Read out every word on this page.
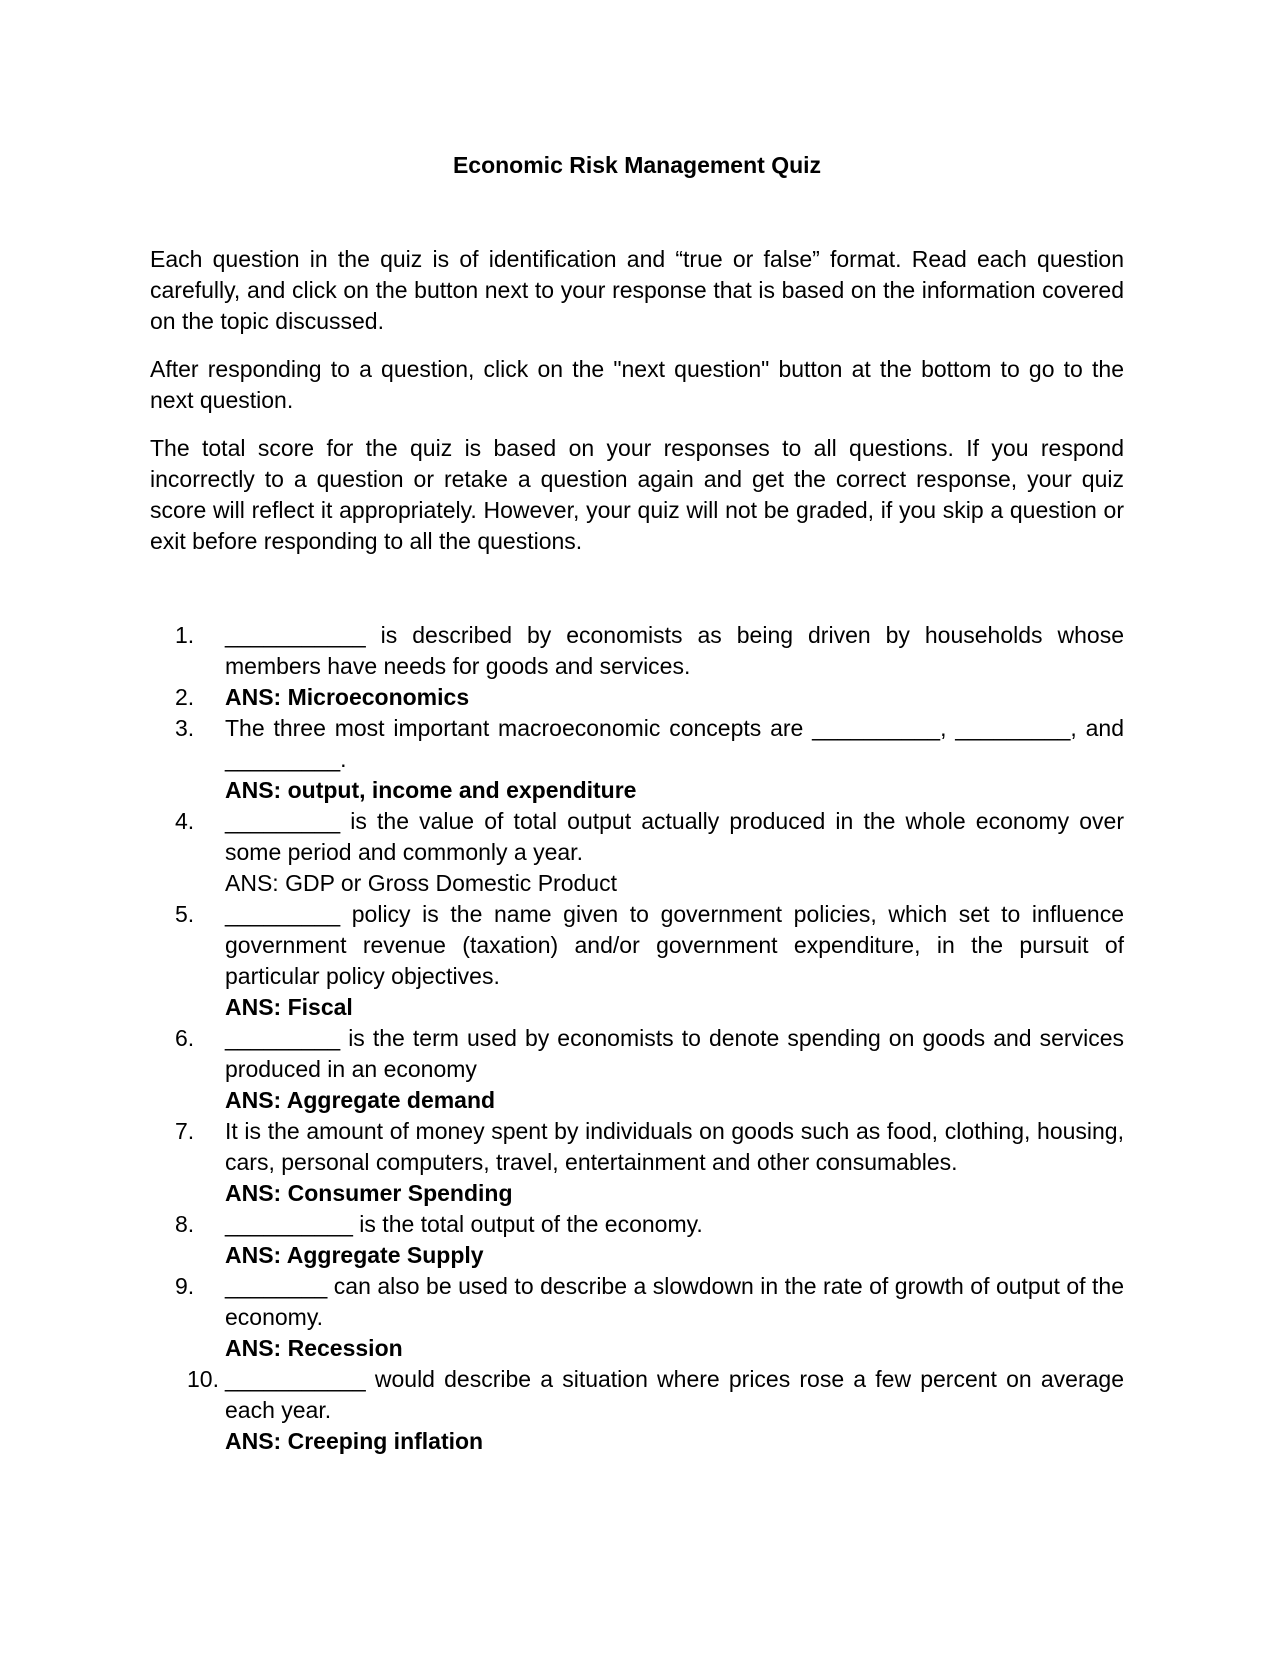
Economic Risk Management Quiz

Each question in the quiz is of identification and “true or false” format. Read each question carefully, and click on the button next to your response that is based on the information covered on the topic discussed.

After responding to a question, click on the "next question" button at the bottom to go to the next question.

The total score for the quiz is based on your responses to all questions. If you respond incorrectly to a question or retake a question again and get the correct response, your quiz score will reflect it appropriately. However, your quiz will not be graded, if you skip a question or exit before responding to all the questions.

1.	___________ is described by economists as being driven by households whose members have needs for goods and services.
2.	ANS: Microeconomics
3.	The three most important macroeconomic concepts are __________, _________, and _________.
ANS: output, income and expenditure
4.	_________ is the value of total output actually produced in the whole economy over some period and commonly a year.
ANS: GDP or Gross Domestic Product
5.	_________ policy is the name given to government policies, which set to influence government revenue (taxation) and/or government expenditure, in the pursuit of particular policy objectives.
ANS: Fiscal
6.	_________ is the term used by economists to denote spending on goods and services produced in an economy
ANS: Aggregate demand
7.	It is the amount of money spent by individuals on goods such as food, clothing, housing, cars, personal computers, travel, entertainment and other consumables.
ANS: Consumer Spending
8.	__________ is the total output of the economy.
ANS: Aggregate Supply
9.	________ can also be used to describe a slowdown in the rate of growth of output of the economy.
ANS: Recession
10. ___________ would describe a situation where prices rose a few percent on average each year.
ANS: Creeping inflation
